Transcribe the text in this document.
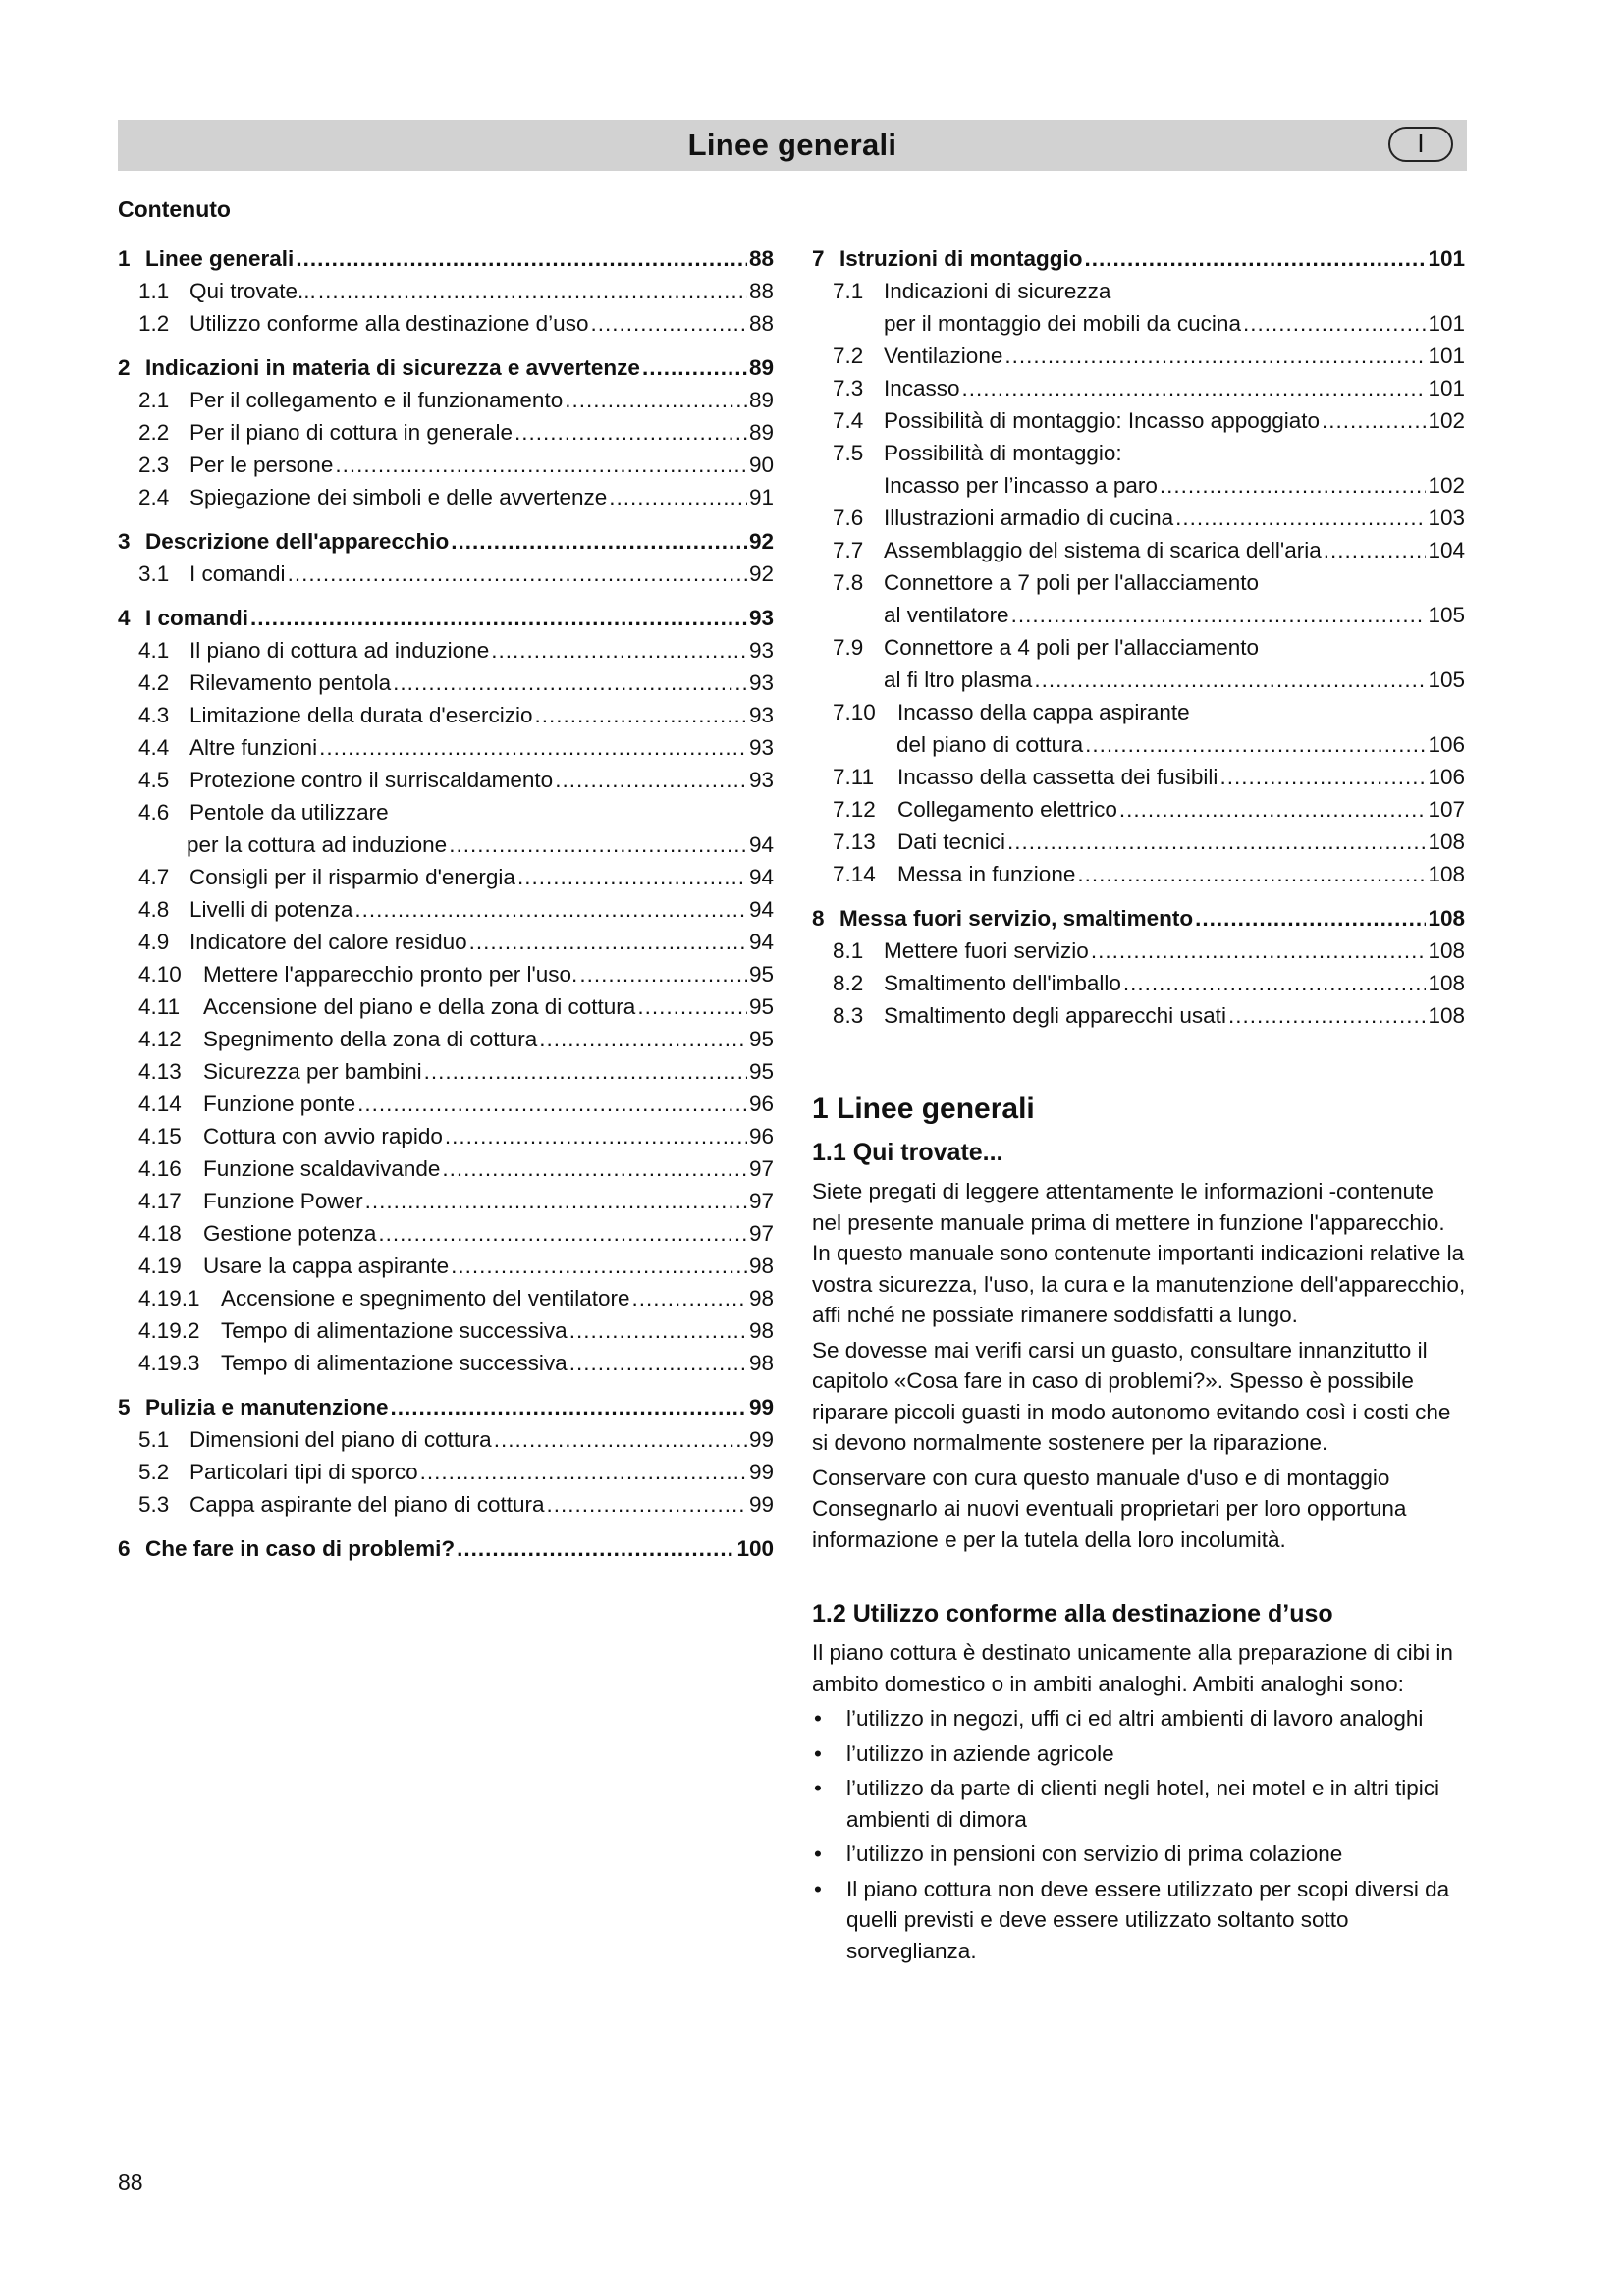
Linee generali	I
Contenuto
1 Linee generali .....	88
1.1 Qui trovate... .....	88
1.2 Utilizzo conforme alla destinazione d’uso .....	88
2 Indicazioni in materia di sicurezza e avvertenze .....	89
2.1 Per il collegamento e il funzionamento .....	89
2.2 Per il piano di cottura in generale .....	89
2.3 Per le persone .....	90
2.4 Spiegazione dei simboli e delle avvertenze .....	91
3 Descrizione dell'apparecchio .....	92
3.1 I comandi .....	92
4 I comandi .....	93
4.1 Il piano di cottura ad induzione .....	93
4.2 Rilevamento pentola .....	93
4.3 Limitazione della durata d'esercizio .....	93
4.4 Altre funzioni .....	93
4.5 Protezione contro il surriscaldamento .....	93
4.6 Pentole da utilizzare
per la cottura ad induzione .....	94
4.7 Consigli per il risparmio d'energia .....	94
4.8 Livelli di potenza .....	94
4.9 Indicatore del calore residuo .....	94
4.10 Mettere l'apparecchio pronto per l'uso. .....	95
4.11	Accensione del piano e della zona di cottura .....	95
4.12 Spegnimento della zona di cottura .....	95
4.13 Sicurezza per bambini .....	95
4.14 Funzione ponte .....	96
4.15 Cottura con avvio rapido .....	96
4.16 Funzione scaldavivande .....	97
4.17 Funzione Power .....	97
4.18 Gestione potenza .....	97
4.19 Usare la cappa aspirante .....	98
4.19.1 Accensione e spegnimento del ventilatore .....	98
4.19.2 Tempo di alimentazione successiva .....	98
4.19.3 Tempo di alimentazione successiva .....	98
5 Pulizia e manutenzione .....	99
5.1 Dimensioni del piano di cottura .....	99
5.2 Particolari tipi di sporco .....	99
5.3 Cappa aspirante del piano di cottura .....	99
6 Che fare in caso di problemi? .....	100
7 Istruzioni di montaggio .....	101
7.1 Indicazioni di sicurezza
per il montaggio dei mobili da cucina .....	101
7.2 Ventilazione .....	101
7.3 Incasso .....	101
7.4 Possibilità di montaggio: Incasso appoggiato .....	102
7.5 Possibilità di montaggio:
Incasso per l’incasso a paro .....	102
7.6 Illustrazioni armadio di cucina .....	103
7.7 Assemblaggio del sistema di scarica dell'aria .....	104
7.8 Connettore a 7 poli per l'allacciamento
al ventilatore .....	105
7.9 Connettore a 4 poli per l'allacciamento
al fi ltro plasma .....	105
7.10 Incasso della cappa aspirante
del piano di cottura .....	106
7.11	Incasso della cassetta dei fusibili .....	106
7.12 Collegamento elettrico .....	107
7.13 Dati tecnici .....	108
7.14 Messa in funzione .....	108
8 Messa fuori servizio, smaltimento .....	108
8.1 Mettere fuori servizio .....	108
8.2 Smaltimento dell'imballo .....	108
8.3 Smaltimento degli apparecchi usati .....	108
1 Linee generali
1.1 Qui trovate...

Siete pregati di leggere attentamente le informazioni -contenute nel presente manuale prima di mettere in funzione l'apparecchio. In questo manuale sono contenute importanti indicazioni relative la vostra sicurezza, l'uso, la cura e la manutenzione dell'apparecchio, affi nché ne possiate rimanere soddisfatti a lungo.

Se dovesse mai verifi carsi un guasto, consultare innanzitutto il capitolo «Cosa fare in caso di problemi?». Spesso è possibile riparare piccoli guasti in modo autonomo evitando così i costi che si devono normalmente sostenere per la riparazione.

Conservare con cura questo manuale d'uso e di montaggio Consegnarlo ai nuovi eventuali proprietari per loro opportuna informazione e per la tutela della loro incolumità.

1.2 Utilizzo conforme alla destinazione d’uso

Il piano cottura è destinato unicamente alla preparazione di cibi in ambito domestico o in ambiti analoghi. Ambiti analoghi sono:

• l’utilizzo in negozi, uffi ci ed altri ambienti di lavoro analoghi
• l’utilizzo in aziende agricole
• l’utilizzo da parte di clienti negli hotel, nei motel e in altri tipici ambienti di dimora
• l’utilizzo in pensioni con servizio di prima colazione
• Il piano cottura non deve essere utilizzato per scopi diversi da quelli previsti e deve essere utilizzato soltanto sotto sorveglianza.
88
